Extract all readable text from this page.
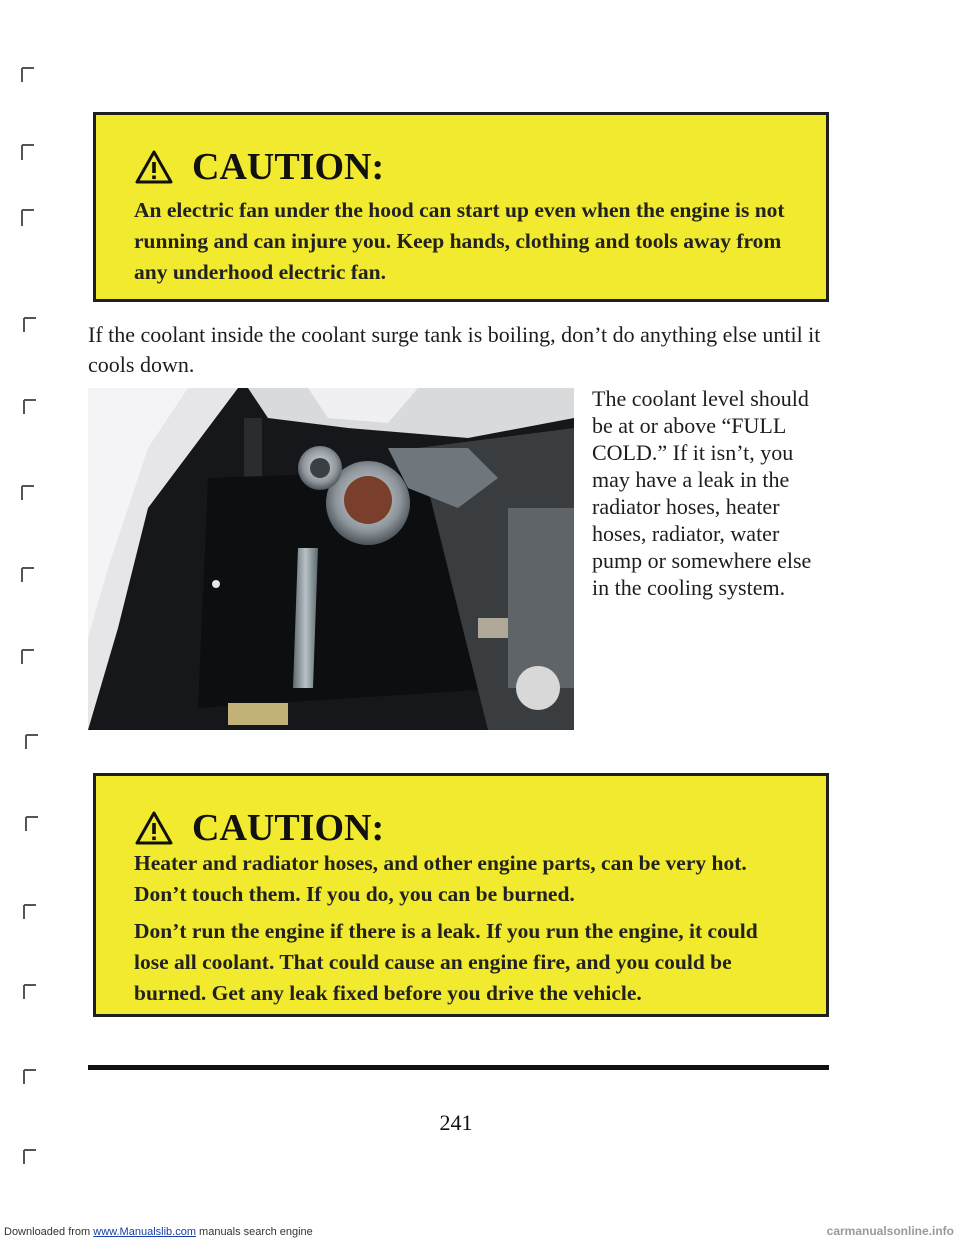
CAUTION:

An electric fan under the hood can start up even when the engine is not running and can injure you. Keep hands, clothing and tools away from any underhood electric fan.

If the coolant inside the coolant surge tank is boiling, don’t do anything else until it cools down.

The coolant level should be at or above “FULL COLD.” If it isn’t, you may have a leak in the radiator hoses, heater hoses, radiator, water pump or somewhere else in the cooling system.

CAUTION:

Heater and radiator hoses, and other engine parts, can be very hot. Don’t touch them. If you do, you can be burned.

Don’t run the engine if there is a leak. If you run the engine, it could lose all coolant. That could cause an engine fire, and you could be burned. Get any leak fixed before you drive the vehicle.

241
Downloaded from www.Manualslib.com manuals search engine	carmanualsonline.info
